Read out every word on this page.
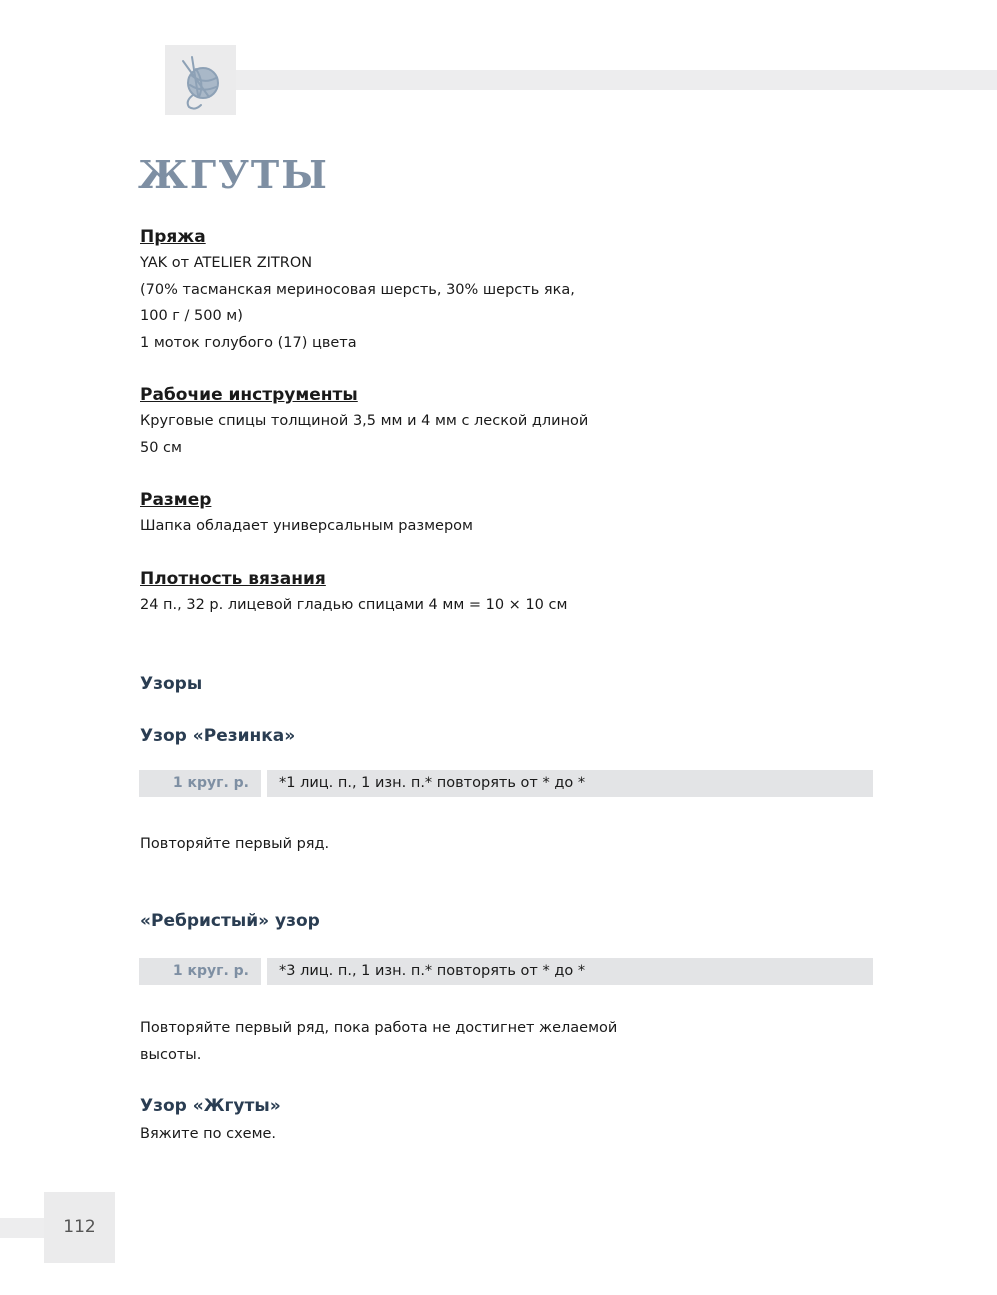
ЖГУТЫ
Пряжа
YAK от ATELIER ZITRON
(70% тасманская мериносовая шерсть, 30% шерсть яка,
100 г / 500 м)
1 моток голубого (17) цвета
Рабочие инструменты
Круговые спицы толщиной 3,5 мм и 4 мм с леской длиной
50 см
Размер
Шапка обладает универсальным размером
Плотность вязания
24 п., 32 р. лицевой гладью спицами 4 мм = 10 × 10 см
Узоры
Узор «Резинка»
1 круг. р.	*1 лиц. п., 1 изн. п.* повторять от * до *
Повторяйте первый ряд.
«Ребристый» узор
1 круг. р.	*3 лиц. п., 1 изн. п.* повторять от * до *
Повторяйте первый ряд, пока работа не достигнет желаемой
высоты.
Узор «Жгуты»
Вяжите по схеме.
112
